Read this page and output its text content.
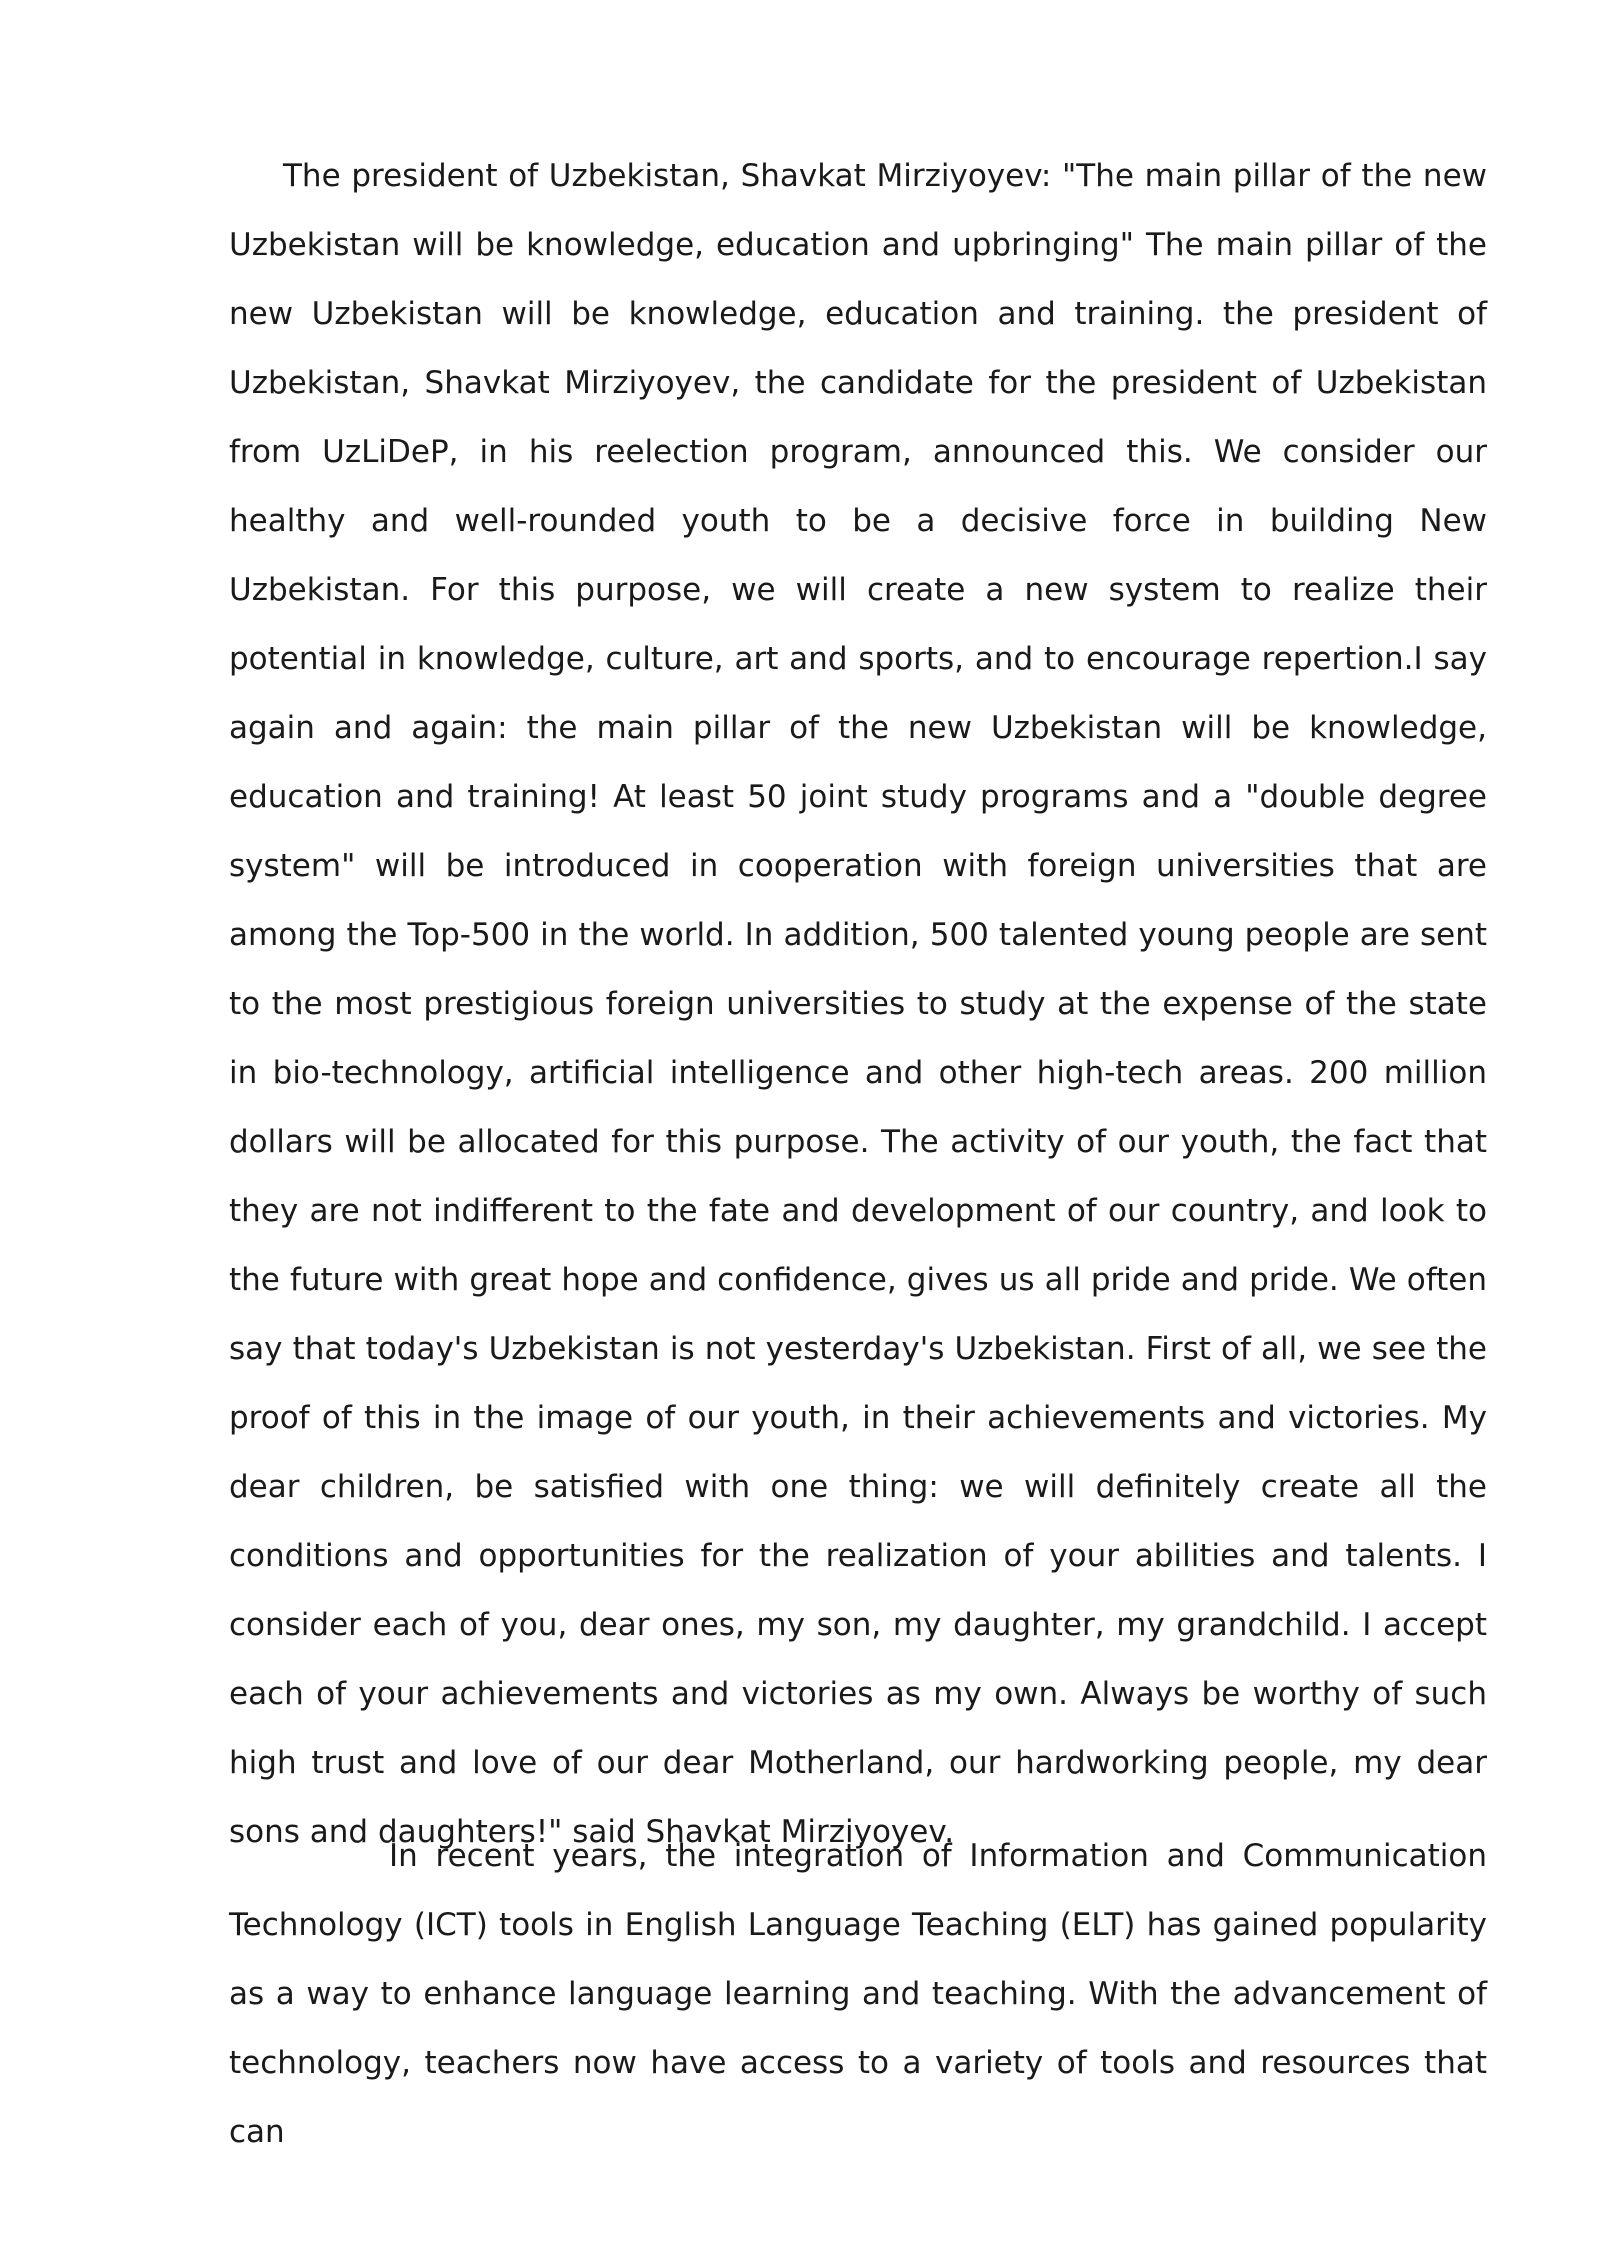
The president of Uzbekistan, Shavkat Mirziyoyev: "The main pillar of the new Uzbekistan will be knowledge, education and upbringing" The main pillar of the new Uzbekistan will be knowledge, education and training. the president of Uzbekistan, Shavkat Mirziyoyev, the candidate for the president of Uzbekistan from UzLiDeP, in his reelection program, announced this. We consider our healthy and well-rounded youth to be a decisive force in building New Uzbekistan. For this purpose, we will create a new system to realize their potential in knowledge, culture, art and sports, and to encourage repertion.I say again and again: the main pillar of the new Uzbekistan will be knowledge, education and training! At least 50 joint study programs and a "double degree system" will be introduced in cooperation with foreign universities that are among the Top-500 in the world. In addition, 500 talented young people are sent to the most prestigious foreign universities to study at the expense of the state in bio-technology, artificial intelligence and other high-tech areas. 200 million dollars will be allocated for this purpose. The activity of our youth, the fact that they are not indifferent to the fate and development of our country, and look to the future with great hope and confidence, gives us all pride and pride. We often say that today's Uzbekistan is not yesterday's Uzbekistan. First of all, we see the proof of this in the image of our youth, in their achievements and victories. My dear children, be satisfied with one thing: we will definitely create all the conditions and opportunities for the realization of your abilities and talents. I consider each of you, dear ones, my son, my daughter, my grandchild. I accept each of your achievements and victories as my own. Always be worthy of such high trust and love of our dear Motherland, our hardworking people, my dear sons and daughters!" said Shavkat Mirziyoyev.

In recent years, the integration of Information and Communication Technology (ICT) tools in English Language Teaching (ELT) has gained popularity as a way to enhance language learning and teaching. With the advancement of technology, teachers now have access to a variety of tools and resources that can
